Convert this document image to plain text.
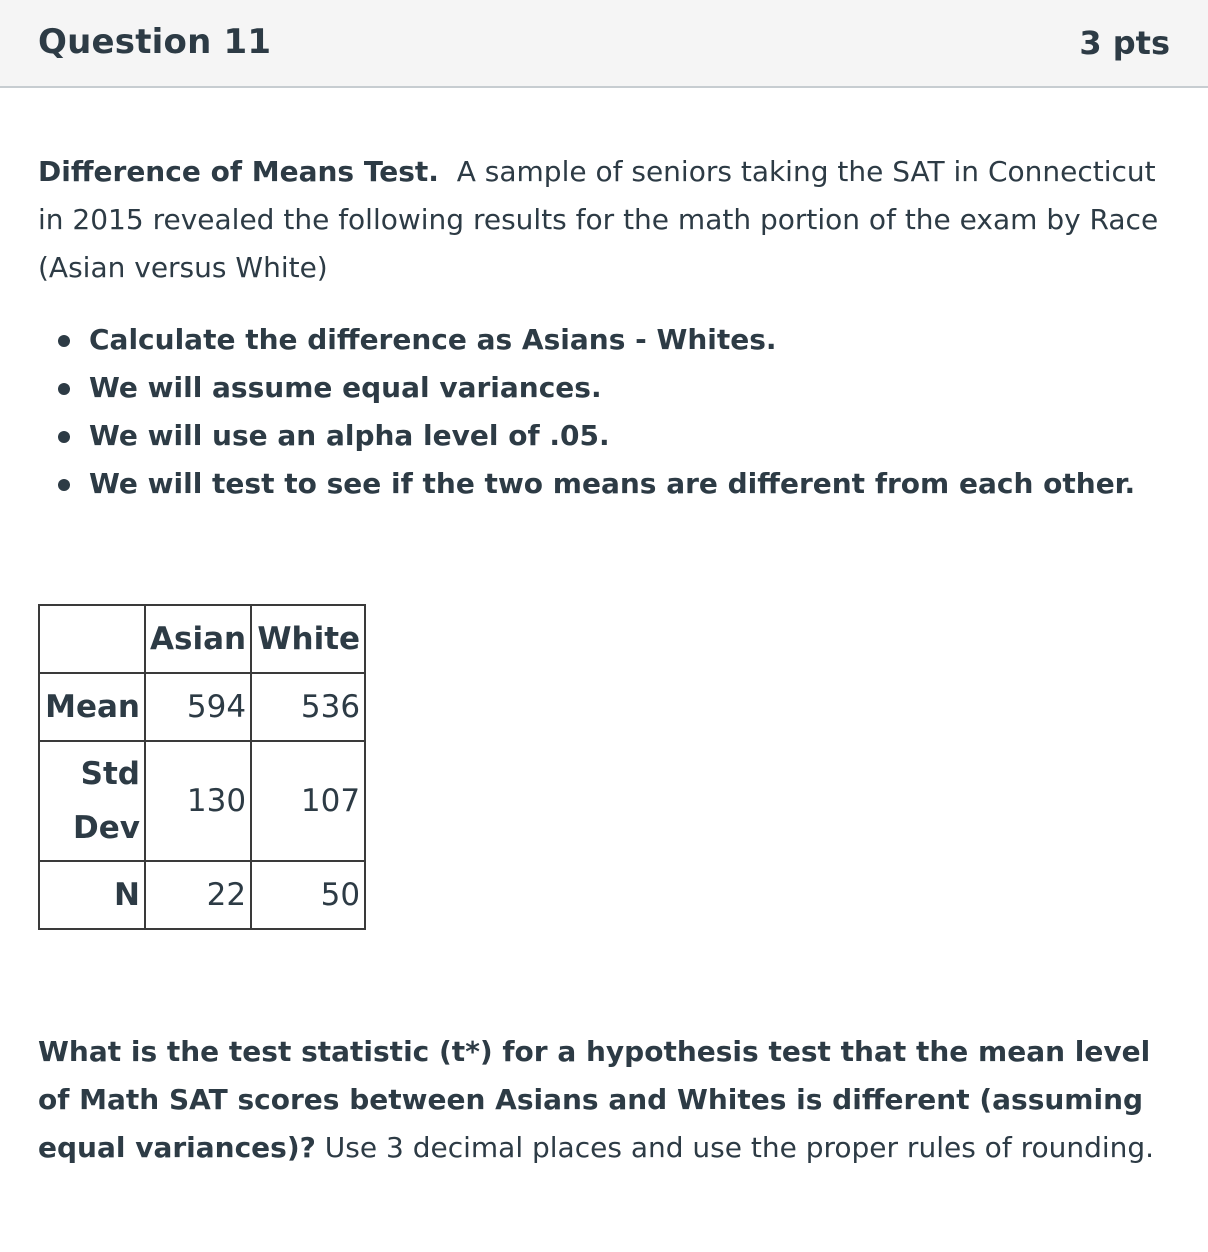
Question 11	3 pts
Difference of Means Test. A sample of seniors taking the SAT in Connecticut in 2015 revealed the following results for the math portion of the exam by Race (Asian versus White)
Calculate the difference as Asians - Whites.
We will assume equal variances.
We will use an alpha level of .05.
We will test to see if the two means are different from each other.
	Asian	White
Mean	594	536
Std Dev	130	107
N	22	50
What is the test statistic (t*) for a hypothesis test that the mean level of Math SAT scores between Asians and Whites is different (assuming equal variances)? Use 3 decimal places and use the proper rules of rounding.
